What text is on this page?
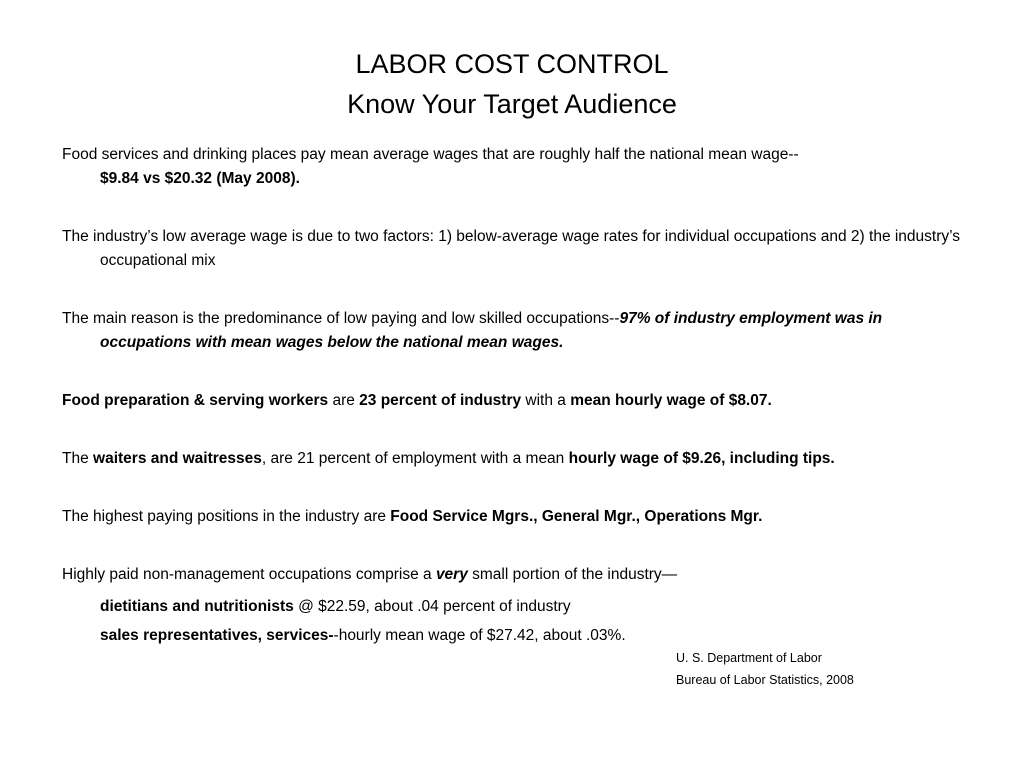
LABOR COST CONTROL
Know Your Target Audience

Food services and drinking places pay mean average wages that are roughly half the national mean wage--
$9.84 vs $20.32 (May 2008).

The industry’s low average wage is due to two factors: 1) below-average wage rates for individual occupations and 2) the industry’s occupational mix

The main reason is the predominance of low paying and low skilled occupations--97% of industry employment was in occupations with mean wages below the national mean wages.

Food preparation & serving workers are 23 percent of industry with a mean hourly wage of $8.07.

The waiters and waitresses, are 21 percent of employment with a mean hourly wage of $9.26, including tips.

The highest paying positions in the industry are Food Service Mgrs., General Mgr., Operations Mgr.

Highly paid non-management occupations comprise a very small portion of the industry—

dietitians and nutritionists @ $22.59, about .04 percent of industry

sales representatives, services--hourly mean wage of $27.42, about .03%.

U. S. Department of Labor
Bureau of Labor Statistics, 2008
